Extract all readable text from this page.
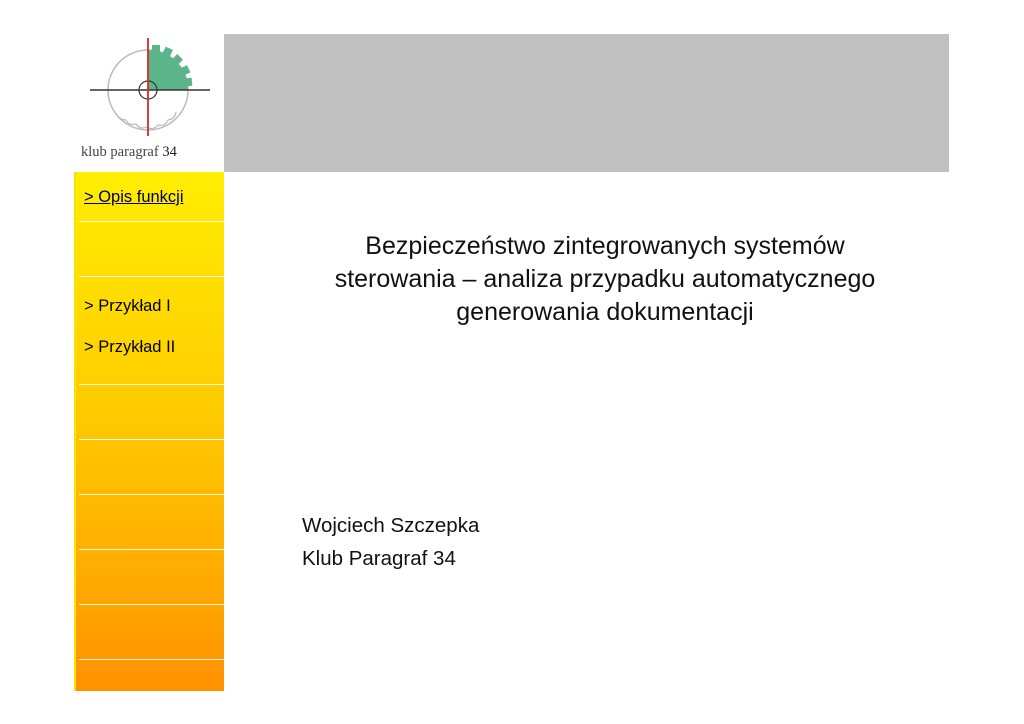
klub paragraf 34
> Opis funkcji
> Przykład I
> Przykład II
Bezpieczeństwo zintegrowanych systemów
sterowania – analiza przypadku automatycznego
generowania dokumentacji
Wojciech Szczepka
Klub Paragraf 34
